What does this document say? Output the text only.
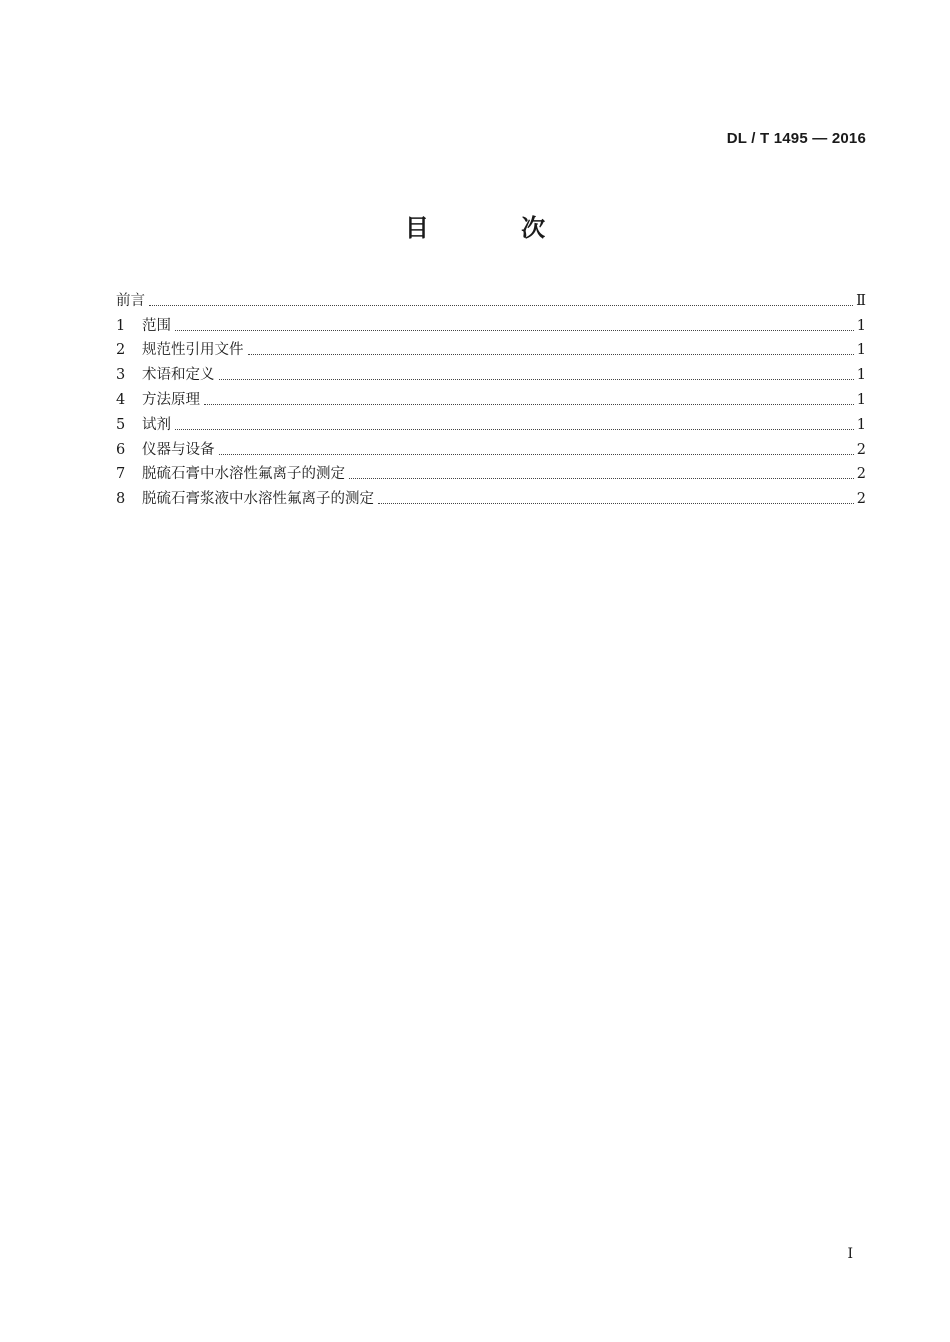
DL / T 1495 — 2016
目 次
前言	Ⅱ
1	范围	1
2	规范性引用文件	1
3	术语和定义	1
4	方法原理	1
5	试剂	1
6	仪器与设备	2
7	脱硫石膏中水溶性氟离子的测定	2
8	脱硫石膏浆液中水溶性氟离子的测定	2
I
